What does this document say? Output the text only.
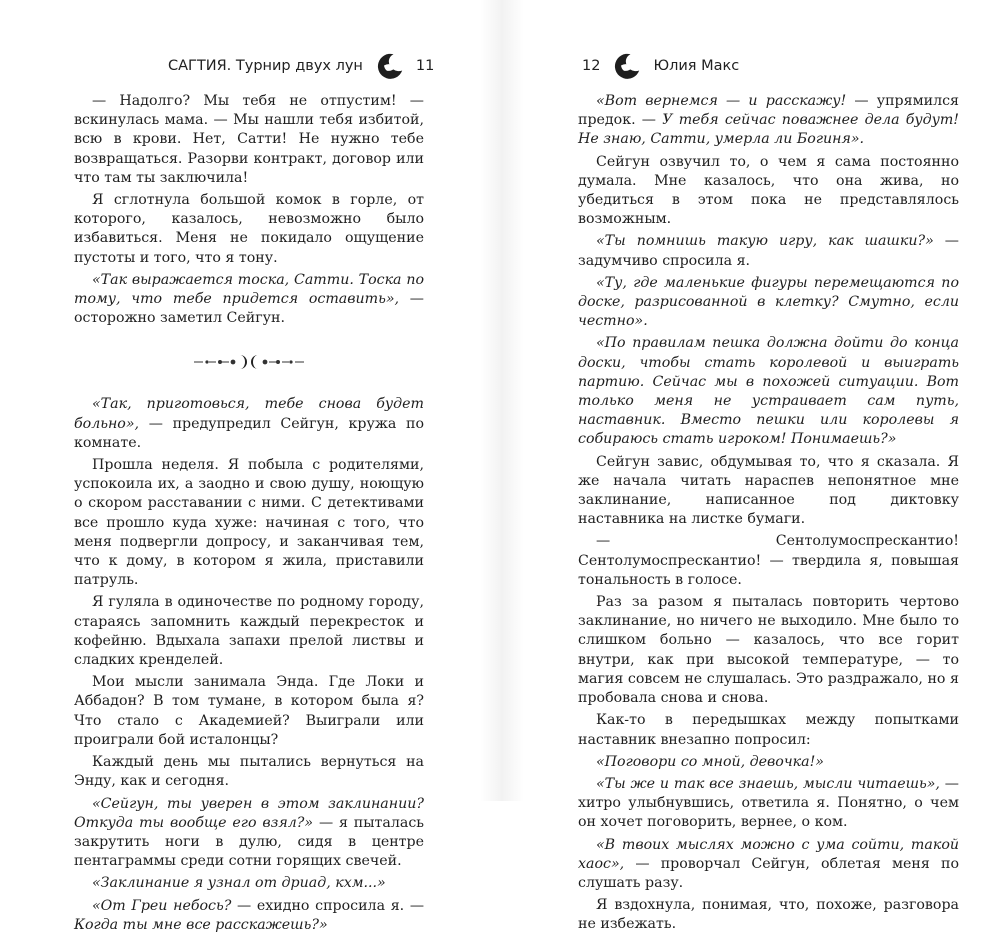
САГТИЯ. Турнир двух лун	11

— Надолго? Мы тебя не отпустим! — вскинулась мама. — Мы нашли тебя избитой, всю в крови. Нет, Сатти! Не нужно тебе возвращаться. Разорви контракт, договор или что там ты заключила!

Я сглотнула большой комок в горле, от которого, казалось, невозможно было избавиться. Меня не покидало ощущение пустоты и того, что я тону.

«Так выражается тоска, Сатти. Тоска по тому, что тебе придется оставить», — осторожно заметил Сейгун.

«Так, приготовься, тебе снова будет больно», — предупредил Сейгун, кружа по комнате.

Прошла неделя. Я побыла с родителями, успокоила их, а заодно и свою душу, ноющую о скором расставании с ними. С детективами все прошло куда хуже: начиная с того, что меня подвергли допросу, и заканчивая тем, что к дому, в котором я жила, приставили патруль.

Я гуляла в одиночестве по родному городу, стараясь запомнить каждый перекресток и кофейню. Вдыхала запахи прелой листвы и сладких кренделей.

Мои мысли занимала Энда. Где Локи и Аббадон? В том тумане, в котором была я? Что стало с Академией? Выиграли или проиграли бой исталонцы?

Каждый день мы пытались вернуться на Энду, как и сегодня.

«Сейгун, ты уверен в этом заклинании? Откуда ты вообще его взял?» — я пыталась закрутить ноги в дулю, сидя в центре пентаграммы среди сотни горящих свечей.

«Заклинание я узнал от дриад, кхм...»

«От Греи небось? — ехидно спросила я. — Когда ты мне все расскажешь?»

12	Юлия Макс

«Вот вернемся — и расскажу! — упрямился предок. — У тебя сейчас поважнее дела будут! Не знаю, Сатти, умерла ли Богиня».

Сейгун озвучил то, о чем я сама постоянно думала. Мне казалось, что она жива, но убедиться в этом пока не представлялось возможным.

«Ты помнишь такую игру, как шашки?» — задумчиво спросила я.

«Ту, где маленькие фигуры перемещаются по доске, разрисованной в клетку? Смутно, если честно».

«По правилам пешка должна дойти до конца доски, чтобы стать королевой и выиграть партию. Сейчас мы в похожей ситуации. Вот только меня не устраивает сам путь, наставник. Вместо пешки или королевы я собираюсь стать игроком! Понимаешь?»

Сейгун завис, обдумывая то, что я сказала. Я же начала читать нараспев непонятное мне заклинание, написанное под диктовку наставника на листке бумаги.

— Сентолумоспрескантио! Сентолумоспрескантио! — твердила я, повышая тональность в голосе.

Раз за разом я пыталась повторить чертово заклинание, но ничего не выходило. Мне было то слишком больно — казалось, что все горит внутри, как при высокой температуре, — то магия совсем не слушалась. Это раздражало, но я пробовала снова и снова.

Как-то в передышках между попытками наставник внезапно попросил:

«Поговори со мной, девочка!»

«Ты же и так все знаешь, мысли читаешь», — хитро улыбнувшись, ответила я. Понятно, о чем он хочет поговорить, вернее, о ком.

«В твоих мыслях можно с ума сойти, такой хаос», — проворчал Сейгун, облетая меня по слушать разу.

Я вздохнула, понимая, что, похоже, разговора не избежать.
